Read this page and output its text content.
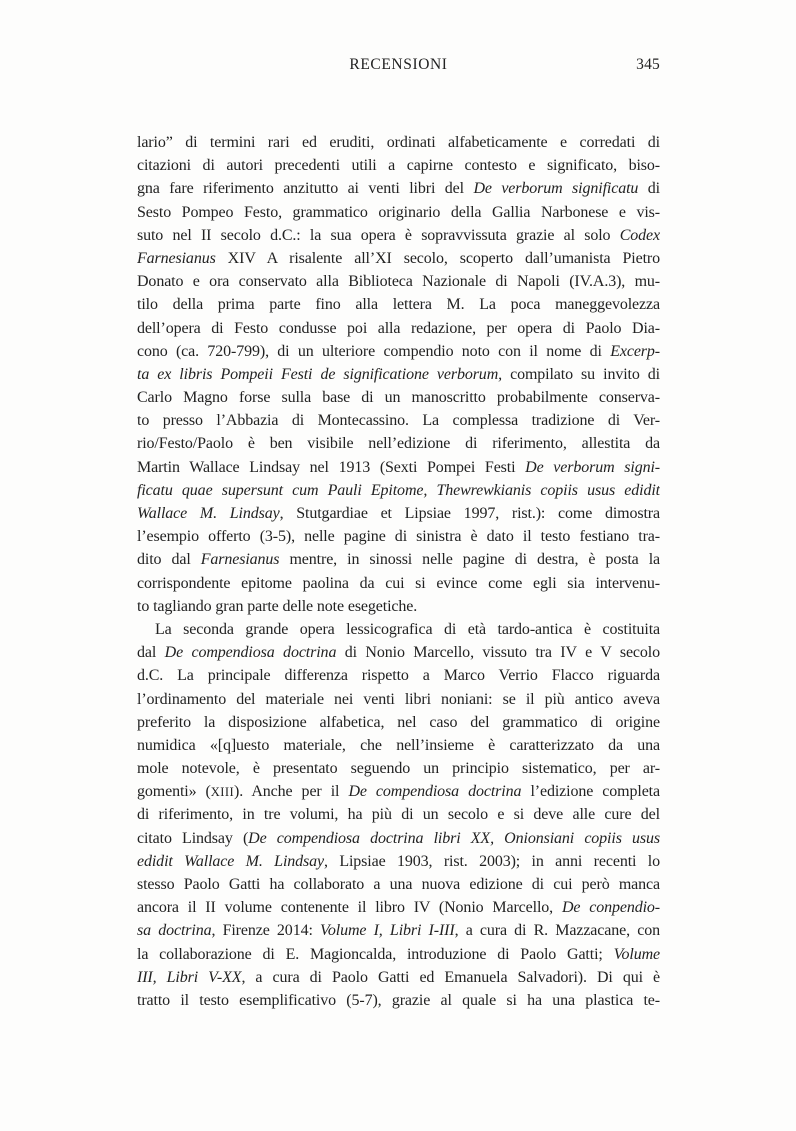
RECENSIONI	345
lario” di termini rari ed eruditi, ordinati alfabeticamente e corredati di
citazioni di autori precedenti utili a capirne contesto e significato, biso-
gna fare riferimento anzitutto ai venti libri del De verborum significatu di
Sesto Pompeo Festo, grammatico originario della Gallia Narbonese e vis-
suto nel II secolo d.C.: la sua opera è sopravvissuta grazie al solo Codex
Farnesianus XIV A risalente all’XI secolo, scoperto dall’umanista Pietro
Donato e ora conservato alla Biblioteca Nazionale di Napoli (IV.A.3), mu-
tilo della prima parte fino alla lettera M. La poca maneggevolezza
dell’opera di Festo condusse poi alla redazione, per opera di Paolo Dia-
cono (ca. 720-799), di un ulteriore compendio noto con il nome di Excerp-
ta ex libris Pompeii Festi de significatione verborum, compilato su invito di
Carlo Magno forse sulla base di un manoscritto probabilmente conserva-
to presso l’Abbazia di Montecassino. La complessa tradizione di Ver-
rio/Festo/Paolo è ben visibile nell’edizione di riferimento, allestita da
Martin Wallace Lindsay nel 1913 (Sexti Pompei Festi De verborum signi-
ficatu quae supersunt cum Pauli Epitome, Thewrewkianis copiis usus edidit
Wallace M. Lindsay, Stutgardiae et Lipsiae 1997, rist.): come dimostra
l’esempio offerto (3-5), nelle pagine di sinistra è dato il testo festiano tra-
dito dal Farnesianus mentre, in sinossi nelle pagine di destra, è posta la
corrispondente epitome paolina da cui si evince come egli sia intervenu-
to tagliando gran parte delle note esegetiche.
La seconda grande opera lessicografica di età tardo-antica è costituita
dal De compendiosa doctrina di Nonio Marcello, vissuto tra IV e V secolo
d.C. La principale differenza rispetto a Marco Verrio Flacco riguarda
l’ordinamento del materiale nei venti libri noniani: se il più antico aveva
preferito la disposizione alfabetica, nel caso del grammatico di origine
numidica «[q]uesto materiale, che nell’insieme è caratterizzato da una
mole notevole, è presentato seguendo un principio sistematico, per ar-
gomenti» (XIII). Anche per il De compendiosa doctrina l’edizione completa
di riferimento, in tre volumi, ha più di un secolo e si deve alle cure del
citato Lindsay (De compendiosa doctrina libri XX, Onionsiani copiis usus
edidit Wallace M. Lindsay, Lipsiae 1903, rist. 2003); in anni recenti lo
stesso Paolo Gatti ha collaborato a una nuova edizione di cui però manca
ancora il II volume contenente il libro IV (Nonio Marcello, De conpendio-
sa doctrina, Firenze 2014: Volume I, Libri I-III, a cura di R. Mazzacane, con
la collaborazione di E. Magioncalda, introduzione di Paolo Gatti; Volume
III, Libri V-XX, a cura di Paolo Gatti ed Emanuela Salvadori). Di qui è
tratto il testo esemplificativo (5-7), grazie al quale si ha una plastica te-
